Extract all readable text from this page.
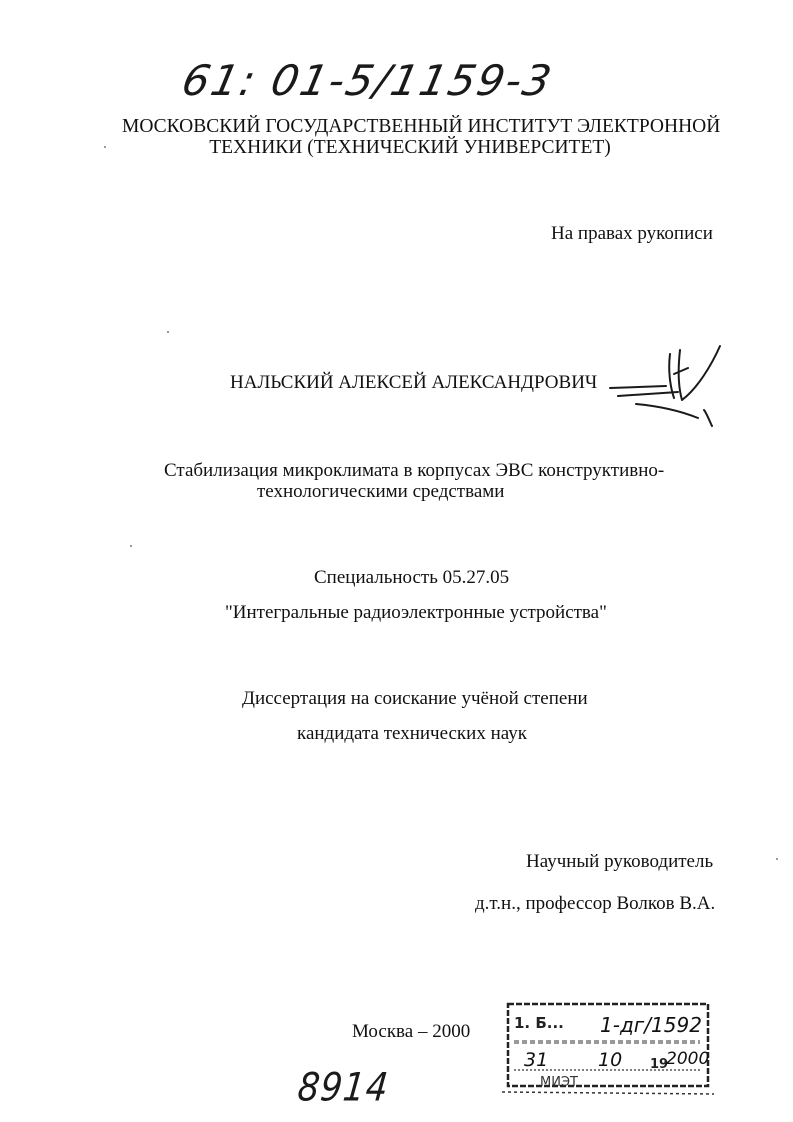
61: 01-5/1159-3
МОСКОВСКИЙ ГОСУДАРСТВЕННЫЙ ИНСТИТУТ ЭЛЕКТРОННОЙ
ТЕХНИКИ (ТЕХНИЧЕСКИЙ УНИВЕРСИТЕТ)
На правах рукописи
НАЛЬСКИЙ АЛЕКСЕЙ АЛЕКСАНДРОВИЧ
Стабилизация микроклимата в корпусах ЭВС конструктивно-
технологическими средствами
Специальность 05.27.05
"Интегральные радиоэлектронные устройства"
Диссертация на соискание учёной степени
кандидата технических наук
Научный руководитель
д.т.н., профессор Волков В.А.
Москва – 2000
8914
1. Б... 1-дг/1592
31	10 19
2000
МИЭТ
